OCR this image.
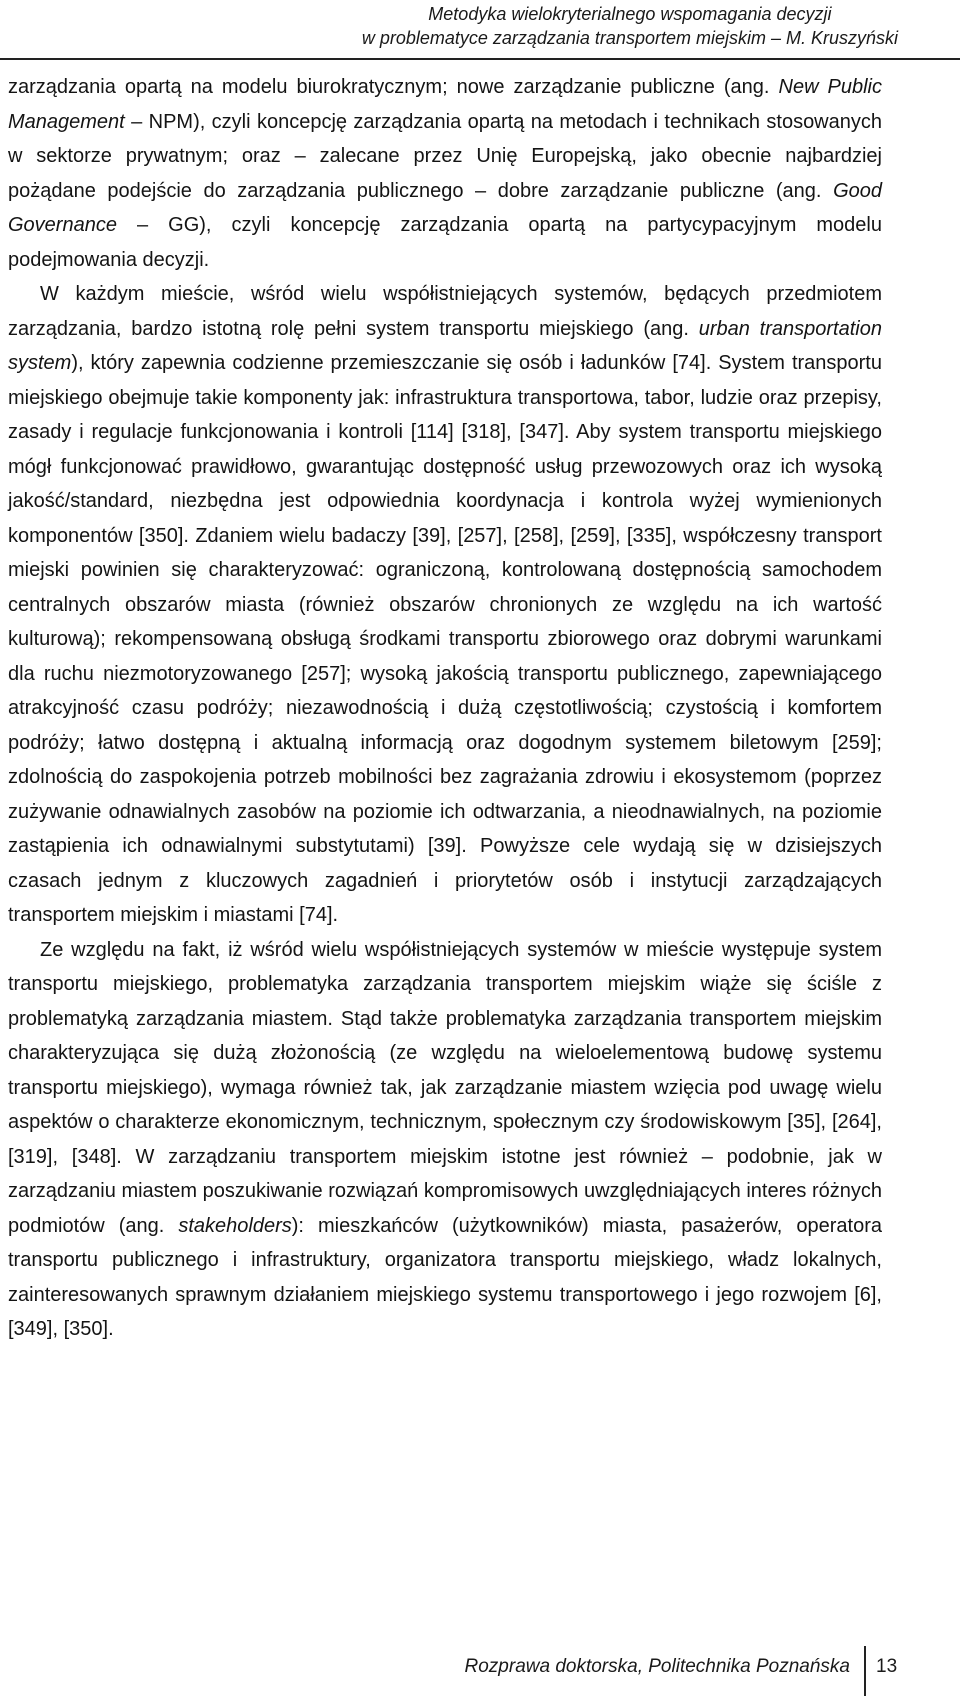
Metodyka wielokryterialnego wspomagania decyzji
w problematyce zarządzania transportem miejskim – M. Kruszyński

zarządzania opartą na modelu biurokratycznym; nowe zarządzanie publiczne (ang. New Public Management – NPM), czyli koncepcję zarządzania opartą na metodach i technikach stosowanych w sektorze prywatnym; oraz – zalecane przez Unię Europejską, jako obecnie najbardziej pożądane podejście do zarządzania publicznego – dobre zarządzanie publiczne (ang. Good Governance – GG), czyli koncepcję zarządzania opartą na partycypacyjnym modelu podejmowania decyzji.

W każdym mieście, wśród wielu współistniejących systemów, będących przedmiotem zarządzania, bardzo istotną rolę pełni system transportu miejskiego (ang. urban transportation system), który zapewnia codzienne przemieszczanie się osób i ładunków [74]. System transportu miejskiego obejmuje takie komponenty jak: infrastruktura transportowa, tabor, ludzie oraz przepisy, zasady i regulacje funkcjonowania i kontroli [114] [318], [347]. Aby system transportu miejskiego mógł funkcjonować prawidłowo, gwarantując dostępność usług przewozowych oraz ich wysoką jakość/standard, niezbędna jest odpowiednia koordynacja i kontrola wyżej wymienionych komponentów [350]. Zdaniem wielu badaczy [39], [257], [258], [259], [335], współczesny transport miejski powinien się charakteryzować: ograniczoną, kontrolowaną dostępnością samochodem centralnych obszarów miasta (również obszarów chronionych ze względu na ich wartość kulturową); rekompensowaną obsługą środkami transportu zbiorowego oraz dobrymi warunkami dla ruchu niezmotoryzowanego [257]; wysoką jakością transportu publicznego, zapewniającego atrakcyjność czasu podróży; niezawodnością i dużą częstotliwością; czystością i komfortem podróży; łatwo dostępną i aktualną informacją oraz dogodnym systemem biletowym [259]; zdolnością do zaspokojenia potrzeb mobilności bez zagrażania zdrowiu i ekosystemom (poprzez zużywanie odnawialnych zasobów na poziomie ich odtwarzania, a nieodnawialnych, na poziomie zastąpienia ich odnawialnymi substytutami) [39]. Powyższe cele wydają się w dzisiejszych czasach jednym z kluczowych zagadnień i priorytetów osób i instytucji zarządzających transportem miejskim i miastami [74].

Ze względu na fakt, iż wśród wielu współistniejących systemów w mieście występuje system transportu miejskiego, problematyka zarządzania transportem miejskim wiąże się ściśle z problematyką zarządzania miastem. Stąd także problematyka zarządzania transportem miejskim charakteryzująca się dużą złożonością (ze względu na wieloelementową budowę systemu transportu miejskiego), wymaga również tak, jak zarządzanie miastem wzięcia pod uwagę wielu aspektów o charakterze ekonomicznym, technicznym, społecznym czy środowiskowym [35], [264], [319], [348]. W zarządzaniu transportem miejskim istotne jest również – podobnie, jak w zarządzaniu miastem poszukiwanie rozwiązań kompromisowych uwzględniających interes różnych podmiotów (ang. stakeholders): mieszkańców (użytkowników) miasta, pasażerów, operatora transportu publicznego i infrastruktury, organizatora transportu miejskiego, władz lokalnych, zainteresowanych sprawnym działaniem miejskiego systemu transportowego i jego rozwojem [6], [349], [350].

Rozprawa doktorska, Politechnika Poznańska 13
